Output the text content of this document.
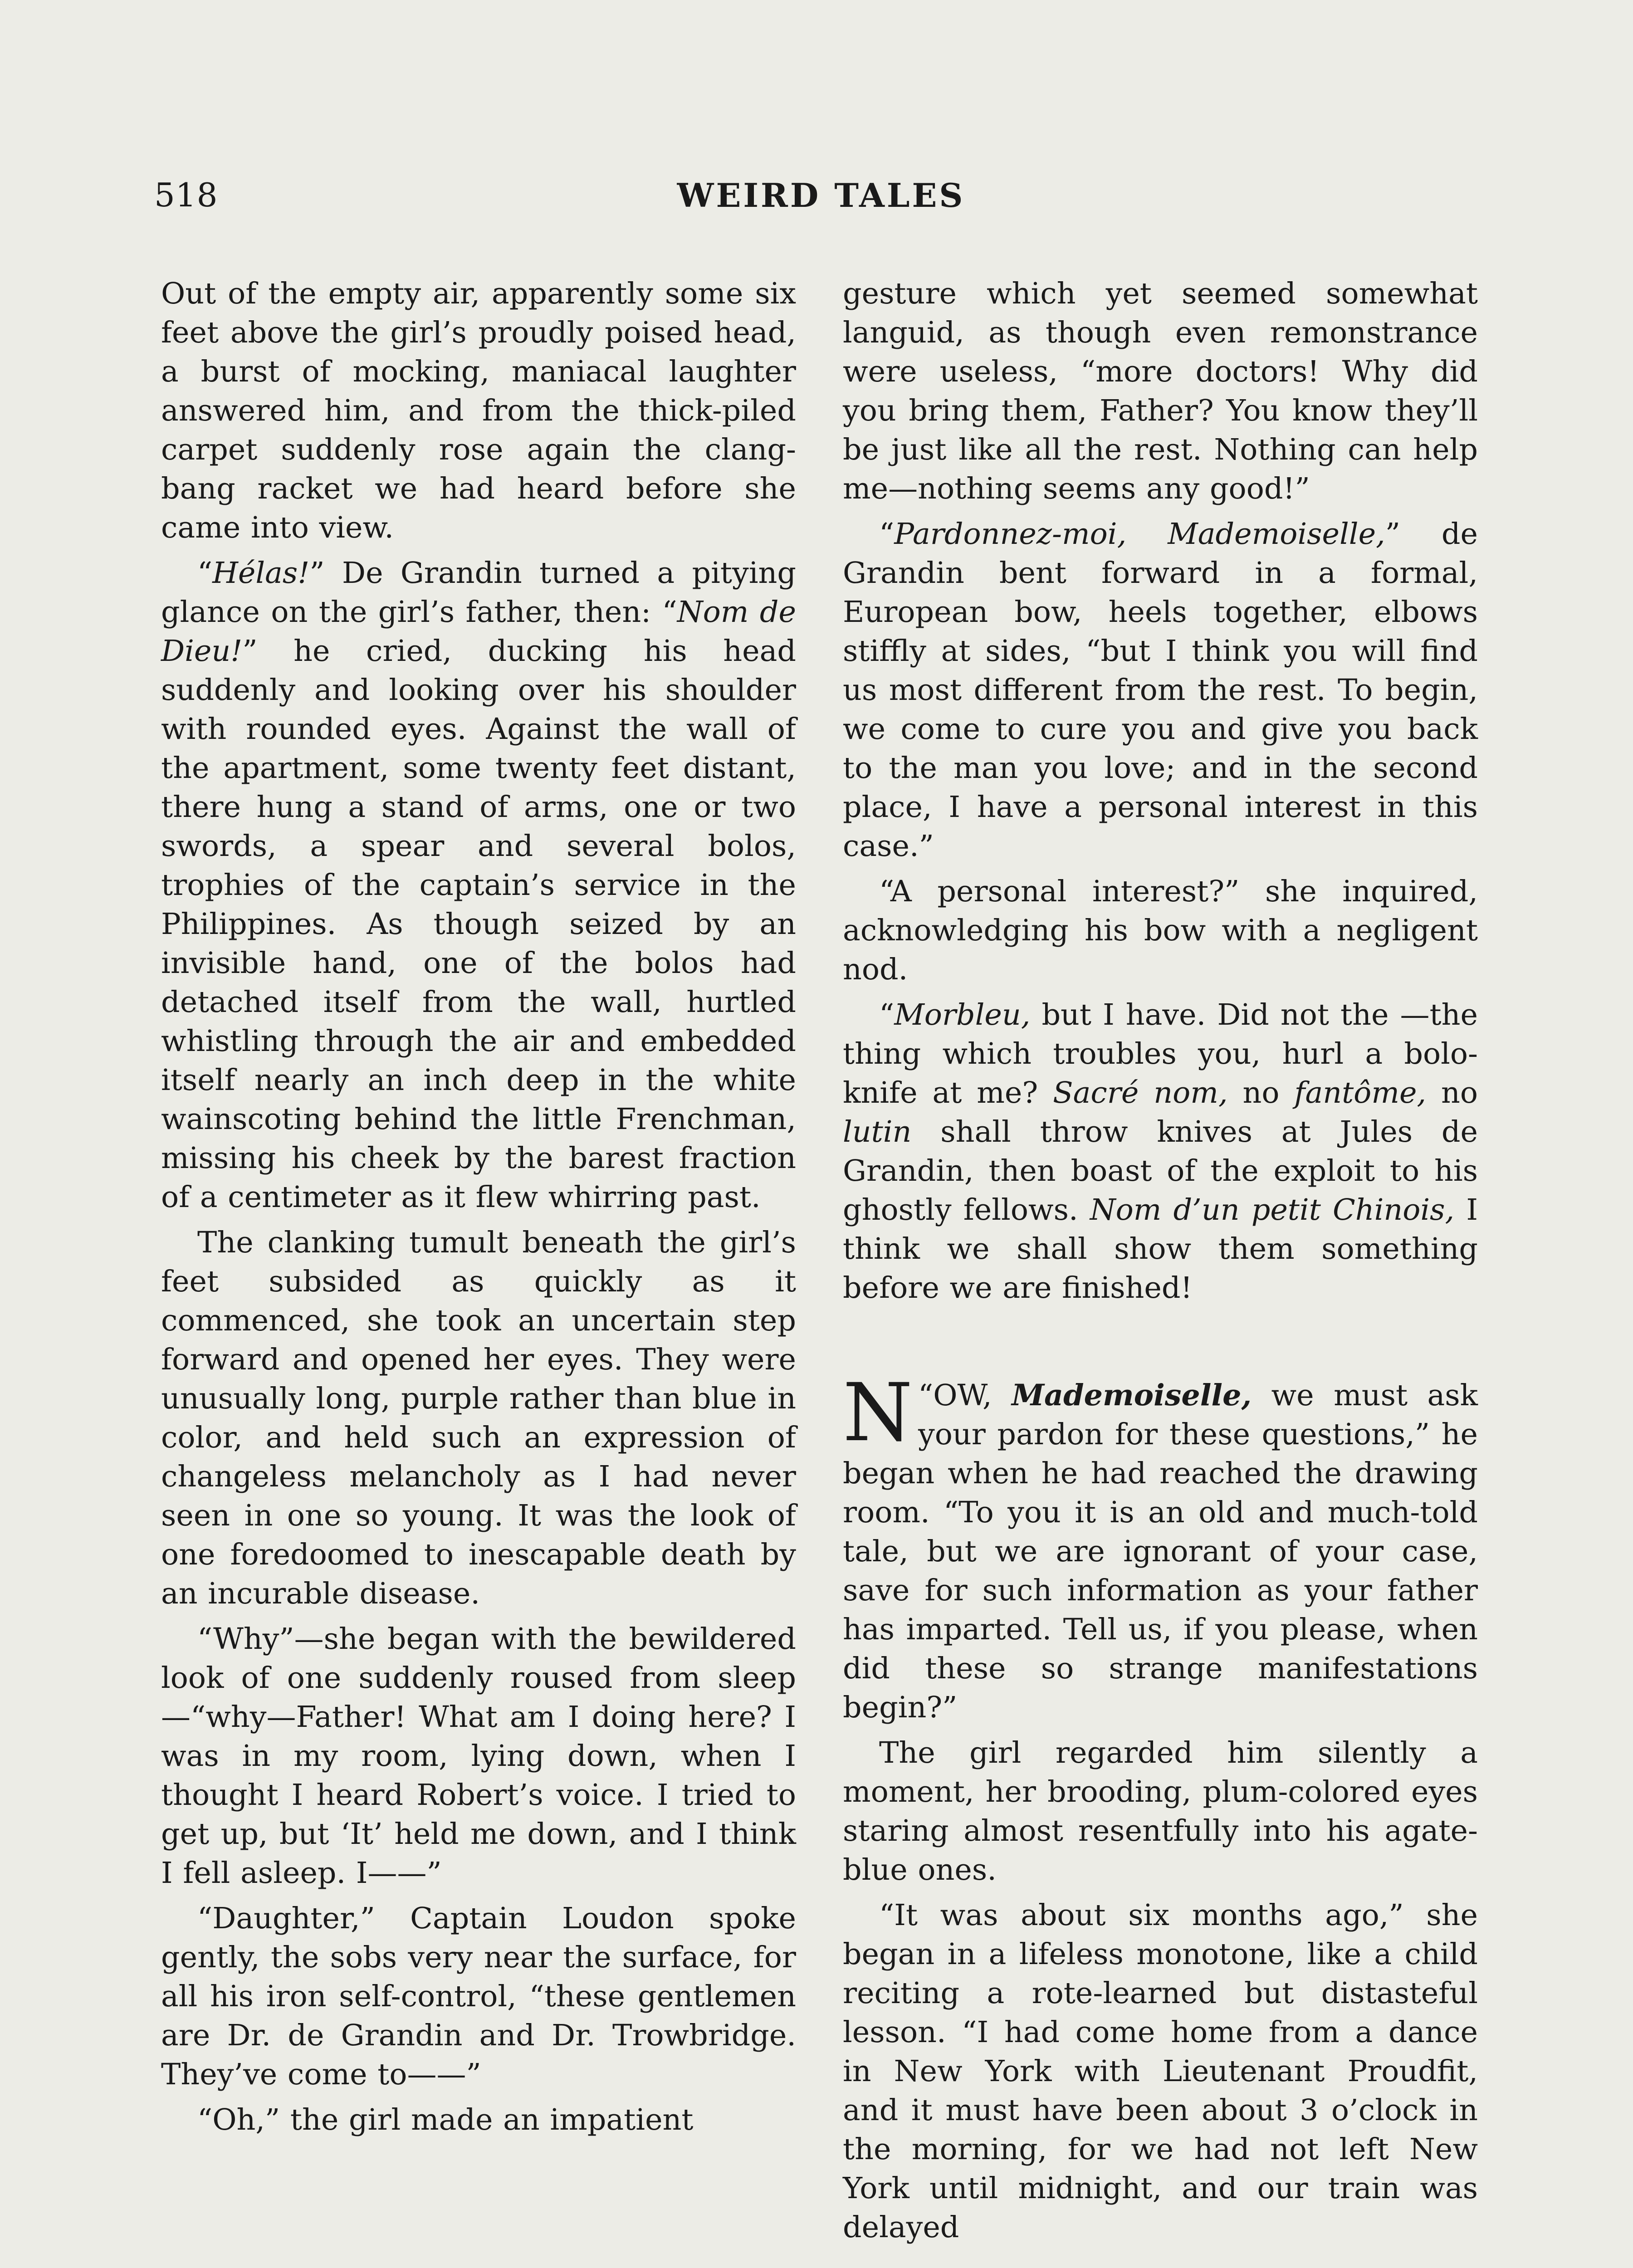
518	WEIRD TALES

Out of the empty air, apparently some six feet above the girl’s proudly poised head, a burst of mocking, maniacal laughter answered him, and from the thick-piled carpet suddenly rose again the clang-bang racket we had heard before she came into view.

“Hélas!” De Grandin turned a pitying glance on the girl’s father, then: “Nom de Dieu!” he cried, ducking his head suddenly and looking over his shoulder with rounded eyes. Against the wall of the apartment, some twenty feet distant, there hung a stand of arms, one or two swords, a spear and several bolos, trophies of the captain’s service in the Philippines. As though seized by an invisible hand, one of the bolos had detached itself from the wall, hurtled whistling through the air and embedded itself nearly an inch deep in the white wainscoting behind the little Frenchman, missing his cheek by the barest fraction of a centimeter as it flew whirring past.

The clanking tumult beneath the girl’s feet subsided as quickly as it commenced, she took an uncertain step forward and opened her eyes. They were unusually long, purple rather than blue in color, and held such an expression of changeless melancholy as I had never seen in one so young. It was the look of one foredoomed to inescapable death by an incurable disease.

“Why”—she began with the bewildered look of one suddenly roused from sleep—“why—Father! What am I doing here? I was in my room, lying down, when I thought I heard Robert’s voice. I tried to get up, but ‘It’ held me down, and I think I fell asleep. I——”

“Daughter,” Captain Loudon spoke gently, the sobs very near the surface, for all his iron self-control, “these gentlemen are Dr. de Grandin and Dr. Trowbridge. They’ve come to——”

“Oh,” the girl made an impatient

gesture which yet seemed somewhat languid, as though even remonstrance were useless, “more doctors! Why did you bring them, Father? You know they’ll be just like all the rest. Nothing can help me—nothing seems any good!”

“Pardonnez-moi, Mademoiselle,” de Grandin bent forward in a formal, European bow, heels together, elbows stiffly at sides, “but I think you will find us most different from the rest. To begin, we come to cure you and give you back to the man you love; and in the second place, I have a personal interest in this case.”

“A personal interest?” she inquired, acknowledging his bow with a negligent nod.

“Morbleu, but I have. Did not the —the thing which troubles you, hurl a bolo-knife at me? Sacré nom, no fantôme, no lutin shall throw knives at Jules de Grandin, then boast of the exploit to his ghostly fellows. Nom d’un petit Chinois, I think we shall show them something before we are finished!

“
N OW, Mademoiselle, we must ask your pardon for these questions,” he began when he had reached the drawing room. “To you it is an old and much-told tale, but we are ignorant of your case, save for such information as your father has imparted. Tell us, if you please, when did these so strange manifestations begin?”

The girl regarded him silently a moment, her brooding, plum-colored eyes staring almost resentfully into his agate-blue ones.

“It was about six months ago,” she began in a lifeless monotone, like a child reciting a rote-learned but distasteful lesson. “I had come home from a dance in New York with Lieutenant Proudfit, and it must have been about 3 o’clock in the morning, for we had not left New York until midnight, and our train was delayed
